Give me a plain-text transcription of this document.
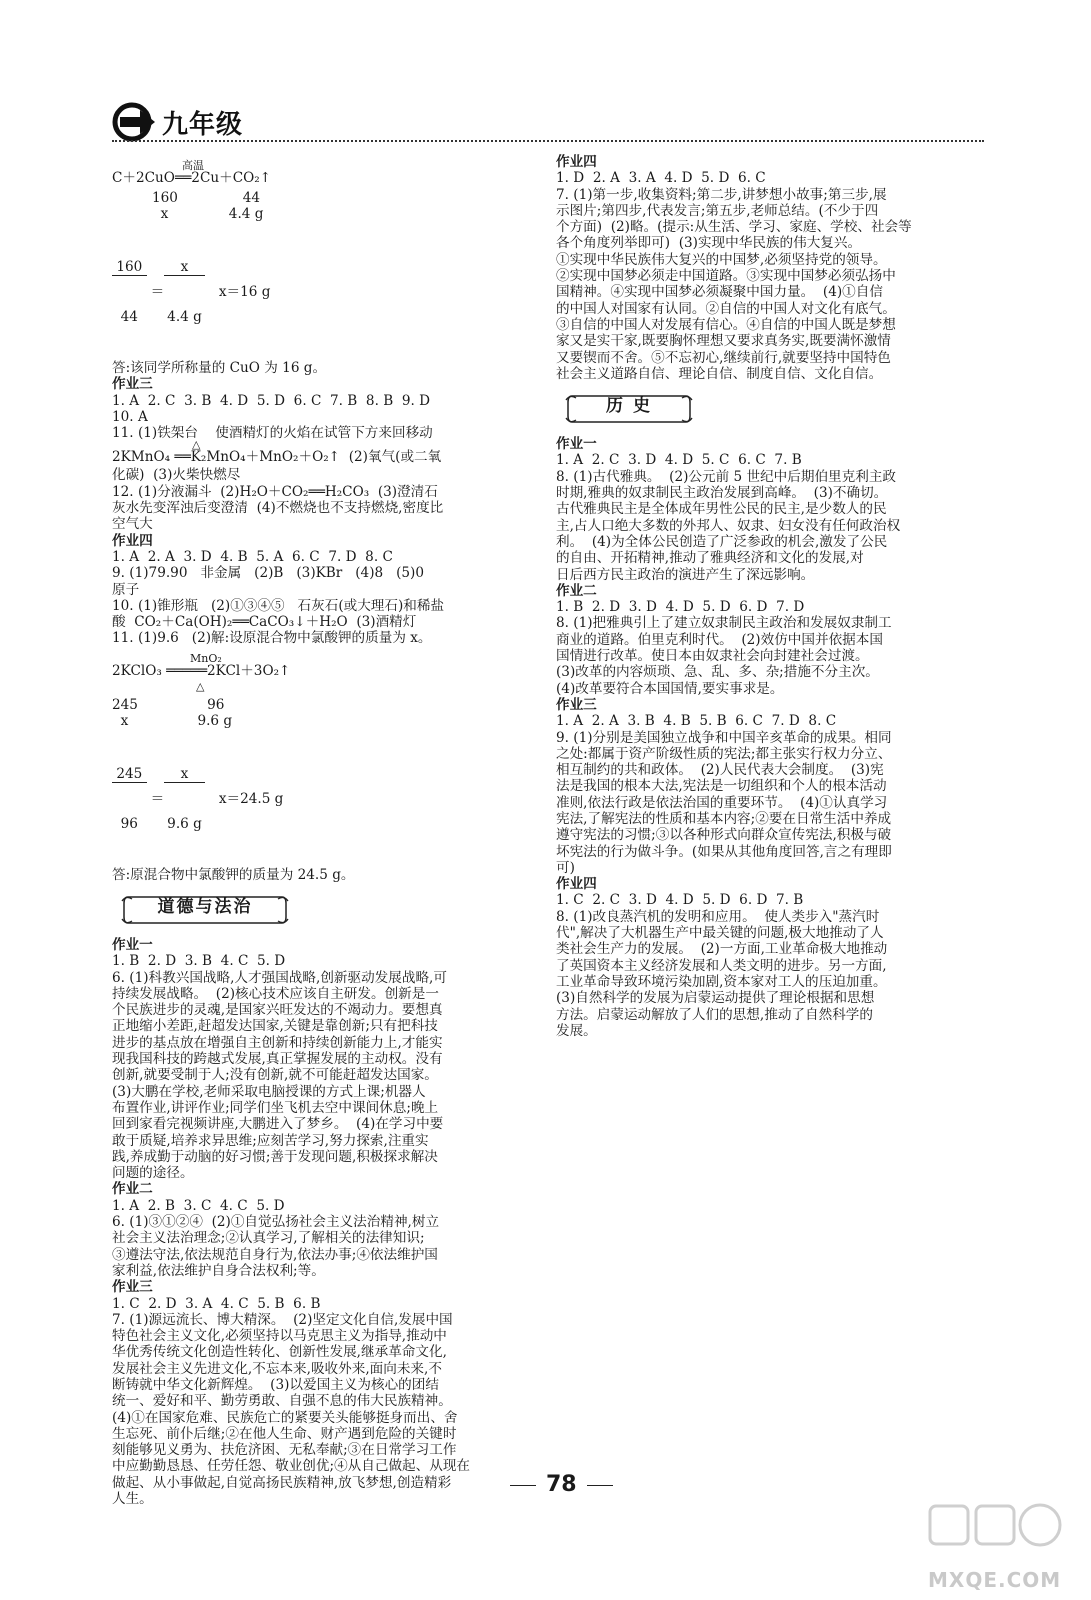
九年级
高温
C＋2CuO══2Cu＋CO₂↑
160               44
x              4.4 g

$\frac{160}{44}$

＝

$\frac{x}{4.4 g}$

x＝16 g
答:该同学所称量的 CuO 为 16 g。
作业三
1. A  2. C  3. B  4. D  5. D  6. C  7. B  8. B  9. D
10. A
11. (1)铁架台    使酒精灯的火焰在试管下方来回移动
△
2KMnO₄ ══K₂MnO₄＋MnO₂＋O₂↑  (2)氧气(或二氧
化碳)  (3)火柴快燃尽
12. (1)分液漏斗  (2)H₂O＋CO₂══H₂CO₃  (3)澄清石
灰水先变浑浊后变澄清  (4)不燃烧也不支持燃烧,密度比
空气大
作业四
1. A  2. A  3. D  4. B  5. A  6. C  7. D  8. C
9. (1)79.90   非金属   (2)B   (3)KBr   (4)8   (5)0
原子
10. (1)锥形瓶   (2)①③④⑤   石灰石(或大理石)和稀盐
酸  CO₂＋Ca(OH)₂══CaCO₃↓＋H₂O  (3)酒精灯
11. (1)9.6   (2)解:设原混合物中氯酸钾的质量为 x。
MnO₂
2KClO₃ ═════2KCl＋3O₂↑
△
245                96
x                9.6 g

$\frac{245}{96}$

＝

$\frac{x}{9.6 g}$

x＝24.5 g
答:原混合物中氯酸钾的质量为 24.5 g。
道德与法治
作业一
1. B  2. D  3. B  4. C  5. D
6. (1)科教兴国战略,人才强国战略,创新驱动发展战略,可
持续发展战略。  (2)核心技术应该自主研发。创新是一
个民族进步的灵魂,是国家兴旺发达的不竭动力。要想真
正地缩小差距,赶超发达国家,关键是靠创新;只有把科技
进步的基点放在增强自主创新和持续创新能力上,才能实
现我国科技的跨越式发展,真正掌握发展的主动权。没有
创新,就要受制于人;没有创新,就不可能赶超发达国家。
(3)大鹏在学校,老师采取电脑授课的方式上课;机器人
布置作业,讲评作业;同学们坐飞机去空中课间休息;晚上
回到家看完视频讲座,大鹏进入了梦乡。  (4)在学习中要
敢于质疑,培养求异思维;应刻苦学习,努力探索,注重实
践,养成勤于动脑的好习惯;善于发现问题,积极探求解决
问题的途径。
作业二
1. A  2. B  3. C  4. C  5. D
6. (1)③①②④  (2)①自觉弘扬社会主义法治精神,树立
社会主义法治理念;②认真学习,了解相关的法律知识;
③遵法守法,依法规范自身行为,依法办事;④依法维护国
家利益,依法维护自身合法权利;等。
作业三
1. C  2. D  3. A  4. C  5. B  6. B
7. (1)源远流长、博大精深。  (2)坚定文化自信,发展中国
特色社会主义文化,必须坚持以马克思主义为指导,推动中
华优秀传统文化创造性转化、创新性发展,继承革命文化,
发展社会主义先进文化,不忘本来,吸收外来,面向未来,不
断铸就中华文化新辉煌。  (3)以爱国主义为核心的团结
统一、爱好和平、勤劳勇敢、自强不息的伟大民族精神。
(4)①在国家危难、民族危亡的紧要关头能够挺身而出、舍
生忘死、前仆后继;②在他人生命、财产遇到危险的关键时
刻能够见义勇为、扶危济困、无私奉献;③在日常学习工作
中应勤勤恳恳、任劳任怨、敬业创优;④从自己做起、从现在
做起、从小事做起,自觉高扬民族精神,放飞梦想,创造精彩
人生。
作业四
1. D  2. A  3. A  4. D  5. D  6. C
7. (1)第一步,收集资料;第二步,讲梦想小故事;第三步,展
示图片;第四步,代表发言;第五步,老师总结。(不少于四
个方面)  (2)略。(提示:从生活、学习、家庭、学校、社会等
各个角度列举即可)  (3)实现中华民族的伟大复兴。
①实现中华民族伟大复兴的中国梦,必须坚持党的领导。
②实现中国梦必须走中国道路。③实现中国梦必须弘扬中
国精神。④实现中国梦必须凝聚中国力量。  (4)①自信
的中国人对国家有认同。②自信的中国人对文化有底气。
③自信的中国人对发展有信心。④自信的中国人既是梦想
家又是实干家,既要胸怀理想又要求真务实,既要满怀激情
又要锲而不舍。⑤不忘初心,继续前行,就要坚持中国特色
社会主义道路自信、理论自信、制度自信、文化自信。
历 史
作业一
1. A  2. C  3. D  4. D  5. C  6. C  7. B
8. (1)古代雅典。  (2)公元前 5 世纪中后期伯里克利主政
时期,雅典的奴隶制民主政治发展到高峰。  (3)不确切。
古代雅典民主是全体成年男性公民的民主,是少数人的民
主,占人口绝大多数的外邦人、奴隶、妇女没有任何政治权
利。  (4)为全体公民创造了广泛参政的机会,激发了公民
的自由、开拓精神,推动了雅典经济和文化的发展,对
日后西方民主政治的演进产生了深远影响。
作业二
1. B  2. D  3. D  4. D  5. D  6. D  7. D
8. (1)把雅典引上了建立奴隶制民主政治和发展奴隶制工
商业的道路。伯里克利时代。  (2)效仿中国并依据本国
国情进行改革。使日本由奴隶社会向封建社会过渡。
(3)改革的内容烦琐、急、乱、多、杂;措施不分主次。
(4)改革要符合本国国情,要实事求是。
作业三
1. A  2. A  3. B  4. B  5. B  6. C  7. D  8. C
9. (1)分别是美国独立战争和中国辛亥革命的成果。相同
之处:都属于资产阶级性质的宪法;都主张实行权力分立、
相互制约的共和政体。  (2)人民代表大会制度。  (3)宪
法是我国的根本大法,宪法是一切组织和个人的根本活动
准则,依法行政是依法治国的重要环节。  (4)①认真学习
宪法,了解宪法的性质和基本内容;②要在日常生活中养成
遵守宪法的习惯;③以各种形式向群众宣传宪法,积极与破
坏宪法的行为做斗争。(如果从其他角度回答,言之有理即
可)
作业四
1. C  2. C  3. D  4. D  5. D  6. D  7. B
8. (1)改良蒸汽机的发明和应用。  使人类步入"蒸汽时
代",解决了大机器生产中最关键的问题,极大地推动了人
类社会生产力的发展。  (2)一方面,工业革命极大地推动
了英国资本主义经济发展和人类文明的进步。另一方面,
工业革命导致环境污染加剧,资本家对工人的压迫加重。
(3)自然科学的发展为启蒙运动提供了理论根据和思想
方法。启蒙运动解放了人们的思想,推动了自然科学的
发展。
78
MXQE.COM
